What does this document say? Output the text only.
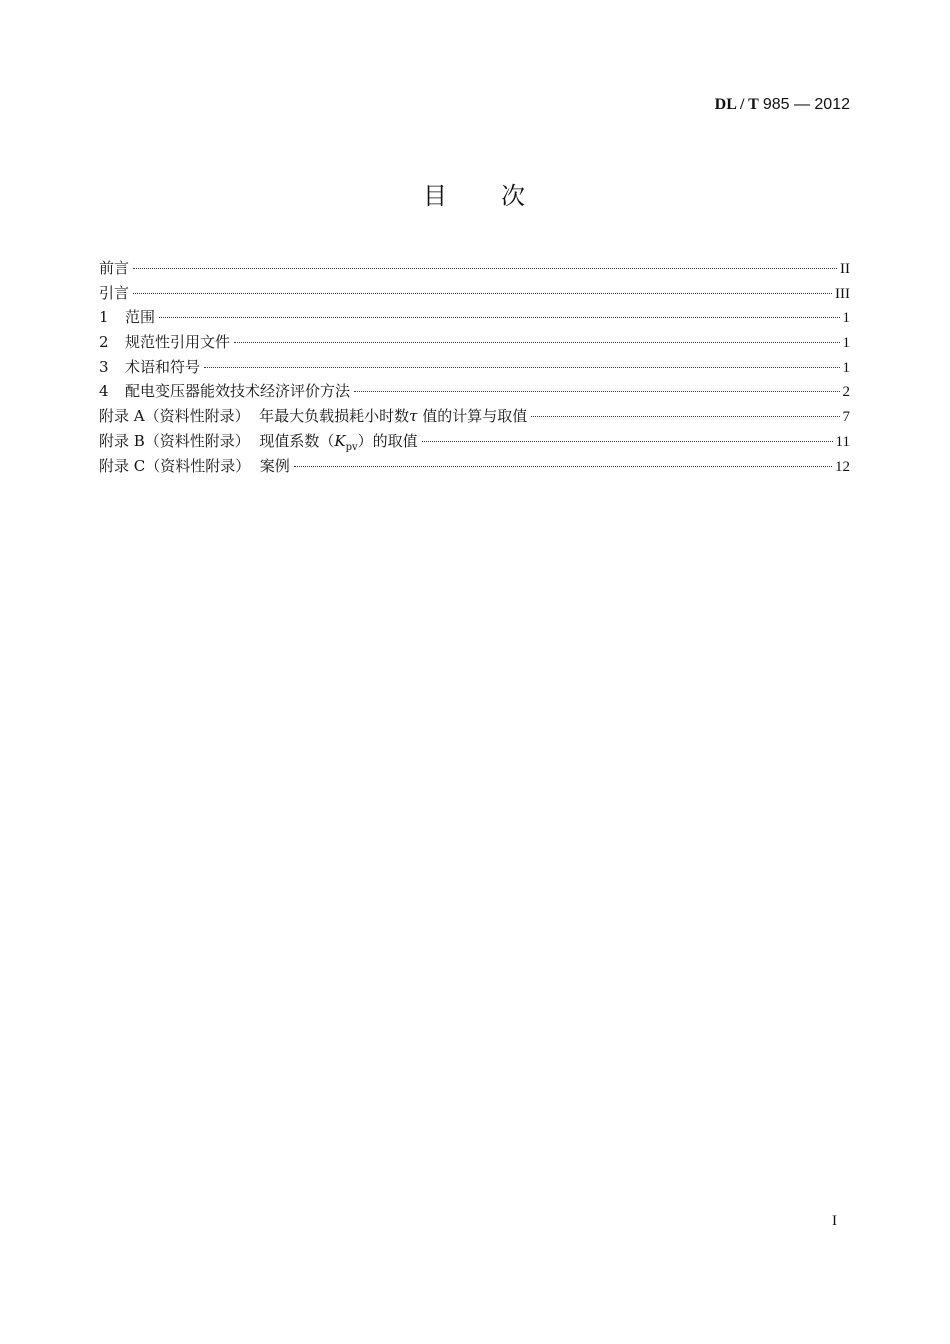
DL / T 985 — 2012
目　　次
前言	II
引言	III
1 范围	1
2 规范性引用文件	1
3 术语和符号	1
4 配电变压器能效技术经济评价方法	2
附录 A（资料性附录）  年最大负载损耗小时数τ 值的计算与取值	7
附录 B（资料性附录）  现值系数$(K_{pv})$的取值	11
附录 C（资料性附录）  案例	12
I
